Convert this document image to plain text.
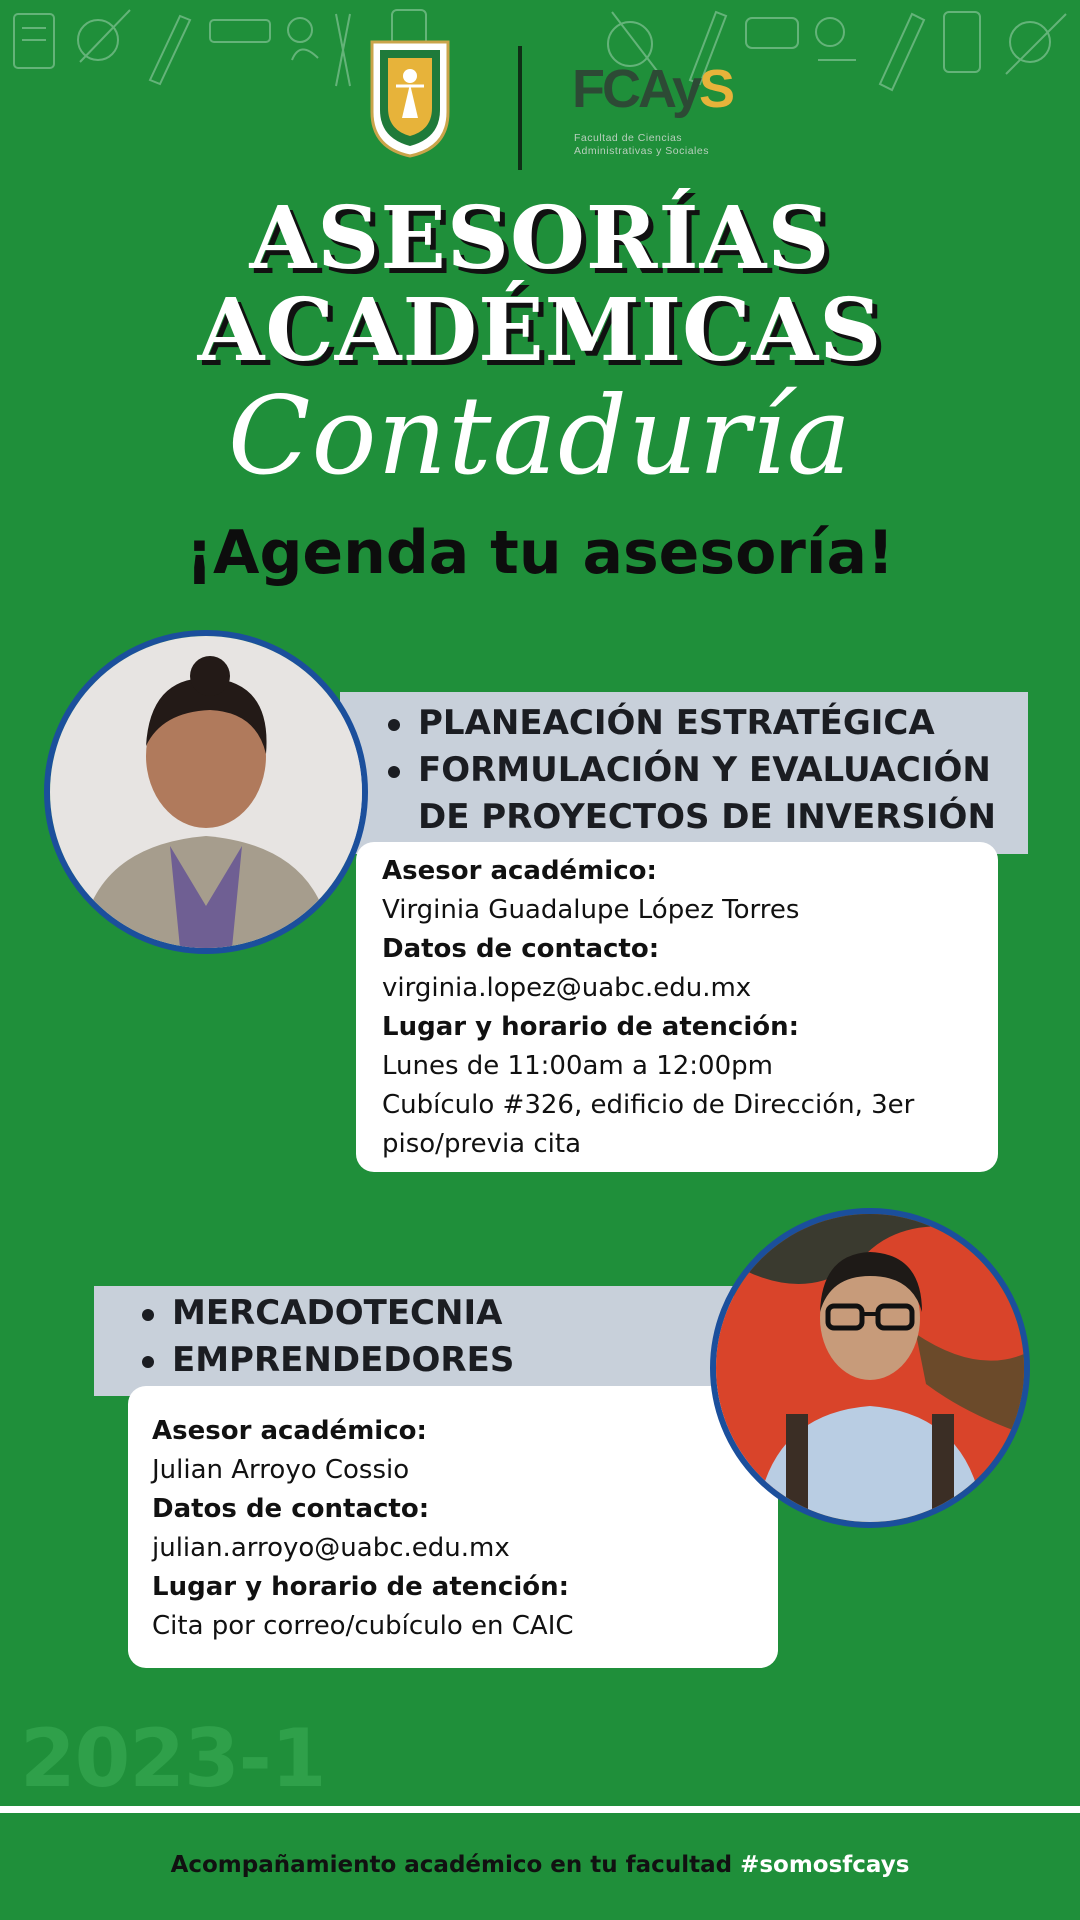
FCAyS
Facultad de Ciencias
Administrativas y Sociales
ASESORÍAS
ACADÉMICAS
Contaduría
¡Agenda tu asesoría!
PLANEACIÓN ESTRATÉGICA
FORMULACIÓN Y EVALUACIÓN DE PROYECTOS DE INVERSIÓN
Asesor académico:
Virginia Guadalupe López Torres
Datos de contacto:
virginia.lopez@uabc.edu.mx
Lugar y horario de atención:
Lunes de 11:00am a 12:00pm
Cubículo #326, edificio de Dirección, 3er piso/previa cita
MERCADOTECNIA
EMPRENDEDORES
Asesor académico:
Julian Arroyo Cossio
Datos de contacto:
julian.arroyo@uabc.edu.mx
Lugar y horario de atención:
Cita por correo/cubículo en CAIC
2023-1
Acompañamiento académico en tu facultad #somosfcays
